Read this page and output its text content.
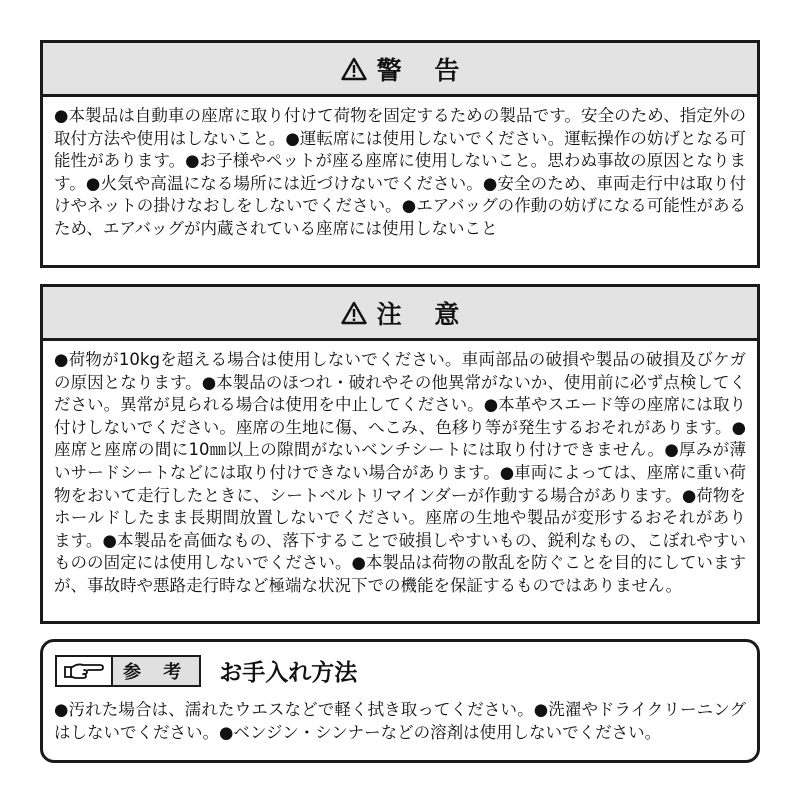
警 告
●本製品は自動車の座席に取り付けて荷物を固定するための製品です。安全のため、指定外の取付方法や使用はしないこと。●運転席には使用しないでください。運転操作の妨げとなる可能性があります。●お子様やペットが座る座席に使用しないこと。思わぬ事故の原因となります。●火気や高温になる場所には近づけないでください。●安全のため、車両走行中は取り付けやネットの掛けなおしをしないでください。●エアバッグの作動の妨げになる可能性があるため、エアバッグが内蔵されている座席には使用しないこと
注 意
●荷物が10kgを超える場合は使用しないでください。車両部品の破損や製品の破損及びケガの原因となります。●本製品のほつれ・破れやその他異常がないか、使用前に必ず点検してください。異常が見られる場合は使用を中止してください。●本革やスエード等の座席には取り付けしないでください。座席の生地に傷、へこみ、色移り等が発生するおそれがあります。●座席と座席の間に10㎜以上の隙間がないベンチシートには取り付けできません。●厚みが薄いサードシートなどには取り付けできない場合があります。●車両によっては、座席に重い荷物をおいて走行したときに、シートベルトリマインダーが作動する場合があります。●荷物をホールドしたまま長期間放置しないでください。座席の生地や製品が変形するおそれがあります。●本製品を高価なもの、落下することで破損しやすいもの、鋭利なもの、こぼれやすいものの固定には使用しないでください。●本製品は荷物の散乱を防ぐことを目的にしていますが、事故時や悪路走行時など極端な状況下での機能を保証するものではありません。
参 考	お手入れ方法
●汚れた場合は、濡れたウエスなどで軽く拭き取ってください。●洗濯やドライクリーニングはしないでください。●ベンジン・シンナーなどの溶剤は使用しないでください。
